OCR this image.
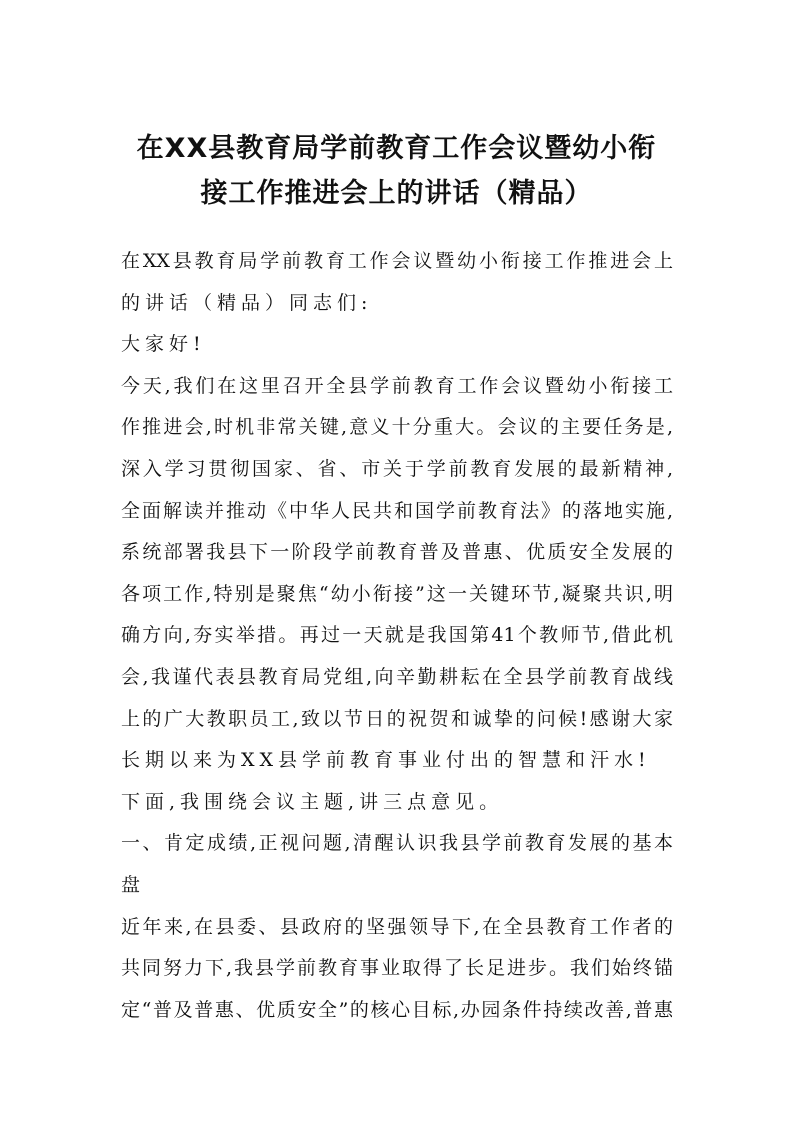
在XX县教育局学前教育工作会议暨幼小衔
接工作推进会上的讲话（精品）
在XX县教育局学前教育工作会议暨幼小衔接工作推进会上
的讲话（精品）同志们:
大家好!
今天,我们在这里召开全县学前教育工作会议暨幼小衔接工
作推进会,时机非常关键,意义十分重大。会议的主要任务是,
深入学习贯彻国家、省、市关于学前教育发展的最新精神,
全面解读并推动《中华人民共和国学前教育法》的落地实施,
系统部署我县下一阶段学前教育普及普惠、优质安全发展的
各项工作,特别是聚焦“幼小衔接”这一关键环节,凝聚共识,明
确方向,夯实举措。再过一天就是我国第41个教师节,借此机
会,我谨代表县教育局党组,向辛勤耕耘在全县学前教育战线
上的广大教职员工,致以节日的祝贺和诚挚的问候!感谢大家
长期以来为XX县学前教育事业付出的智慧和汗水!
下面,我围绕会议主题,讲三点意见。
一、肯定成绩,正视问题,清醒认识我县学前教育发展的基本
盘
近年来,在县委、县政府的坚强领导下,在全县教育工作者的
共同努力下,我县学前教育事业取得了长足进步。我们始终锚
定“普及普惠、优质安全”的核心目标,办园条件持续改善,普惠
